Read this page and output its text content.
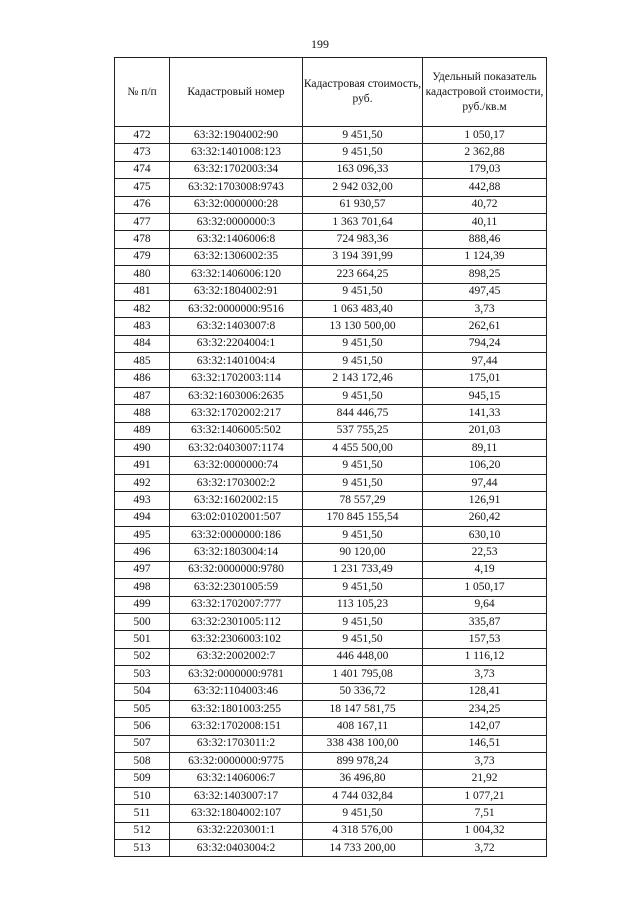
199
№ п/п	Кадастровый номер	Кадастровая стоимость, руб.	Удельный показатель кадастровой стоимости, руб./кв.м
472	63:32:1904002:90	9 451,50	1 050,17
473	63:32:1401008:123	9 451,50	2 362,88
474	63:32:1702003:34	163 096,33	179,03
475	63:32:1703008:9743	2 942 032,00	442,88
476	63:32:0000000:28	61 930,57	40,72
477	63:32:0000000:3	1 363 701,64	40,11
478	63:32:1406006:8	724 983,36	888,46
479	63:32:1306002:35	3 194 391,99	1 124,39
480	63:32:1406006:120	223 664,25	898,25
481	63:32:1804002:91	9 451,50	497,45
482	63:32:0000000:9516	1 063 483,40	3,73
483	63:32:1403007:8	13 130 500,00	262,61
484	63:32:2204004:1	9 451,50	794,24
485	63:32:1401004:4	9 451,50	97,44
486	63:32:1702003:114	2 143 172,46	175,01
487	63:32:1603006:2635	9 451,50	945,15
488	63:32:1702002:217	844 446,75	141,33
489	63:32:1406005:502	537 755,25	201,03
490	63:32:0403007:1174	4 455 500,00	89,11
491	63:32:0000000:74	9 451,50	106,20
492	63:32:1703002:2	9 451,50	97,44
493	63:32:1602002:15	78 557,29	126,91
494	63:02:0102001:507	170 845 155,54	260,42
495	63:32:0000000:186	9 451,50	630,10
496	63:32:1803004:14	90 120,00	22,53
497	63:32:0000000:9780	1 231 733,49	4,19
498	63:32:2301005:59	9 451,50	1 050,17
499	63:32:1702007:777	113 105,23	9,64
500	63:32:2301005:112	9 451,50	335,87
501	63:32:2306003:102	9 451,50	157,53
502	63:32:2002002:7	446 448,00	1 116,12
503	63:32:0000000:9781	1 401 795,08	3,73
504	63:32:1104003:46	50 336,72	128,41
505	63:32:1801003:255	18 147 581,75	234,25
506	63:32:1702008:151	408 167,11	142,07
507	63:32:1703011:2	338 438 100,00	146,51
508	63:32:0000000:9775	899 978,24	3,73
509	63:32:1406006:7	36 496,80	21,92
510	63:32:1403007:17	4 744 032,84	1 077,21
511	63:32:1804002:107	9 451,50	7,51
512	63:32:2203001:1	4 318 576,00	1 004,32
513	63:32:0403004:2	14 733 200,00	3,72
